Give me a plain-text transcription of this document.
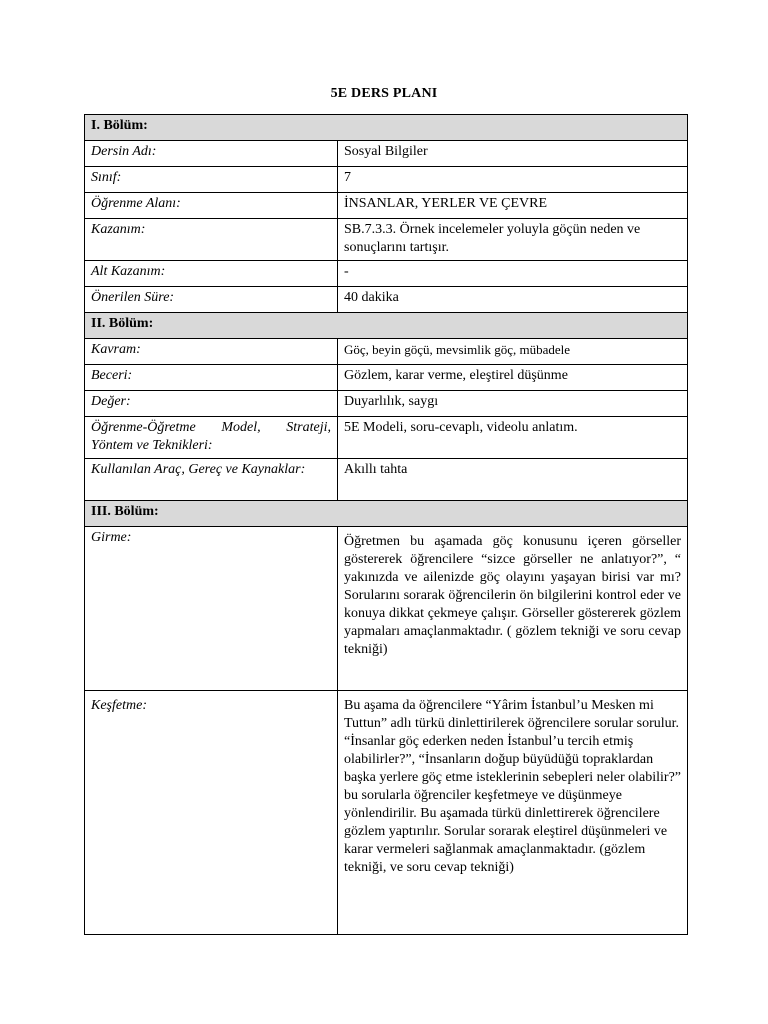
5E DERS PLANI
I. Bölüm:	
Dersin Adı:	Sosyal Bilgiler
Sınıf:	7
Öğrenme Alanı:	İNSANLAR, YERLER VE ÇEVRE
Kazanım:	SB.7.3.3. Örnek incelemeler yoluyla göçün neden ve sonuçlarını tartışır.
Alt Kazanım:	-
Önerilen Süre:	40 dakika
II. Bölüm:	
Kavram:	Göç, beyin göçü, mevsimlik göç, mübadele
Beceri:	Gözlem, karar verme, eleştirel düşünme
Değer:	Duyarlılık, saygı
Öğrenme-Öğretme Model, Strateji, Yöntem ve Teknikleri:	5E Modeli, soru-cevaplı, videolu anlatım.
Kullanılan Araç, Gereç ve Kaynaklar:	Akıllı tahta
III. Bölüm:	
Girme:	Öğretmen bu aşamada göç konusunu içeren görseller göstererek öğrencilere “sizce görseller ne anlatıyor?”, “ yakınızda ve ailenizde göç olayını yaşayan birisi var mı? Sorularını sorarak öğrencilerin ön bilgilerini kontrol eder ve konuya dikkat çekmeye çalışır. Görseller göstererek gözlem yapmaları amaçlanmaktadır. ( gözlem tekniği ve soru cevap tekniği)
Keşfetme:	Bu aşama da öğrencilere “Yârim İstanbul’u Mesken mi Tuttun” adlı türkü dinlettirilerek öğrencilere sorular sorulur. “İnsanlar göç ederken neden İstanbul’u tercih etmiş olabilirler?”, “İnsanların doğup büyüdüğü topraklardan başka yerlere göç etme isteklerinin sebepleri neler olabilir?” bu sorularla öğrenciler keşfetmeye ve düşünmeye yönlendirilir. Bu aşamada türkü dinlettirerek öğrencilere gözlem yaptırılır. Sorular sorarak eleştirel düşünmeleri ve karar vermeleri sağlanmak amaçlanmaktadır. (gözlem tekniği, ve soru cevap tekniği)
